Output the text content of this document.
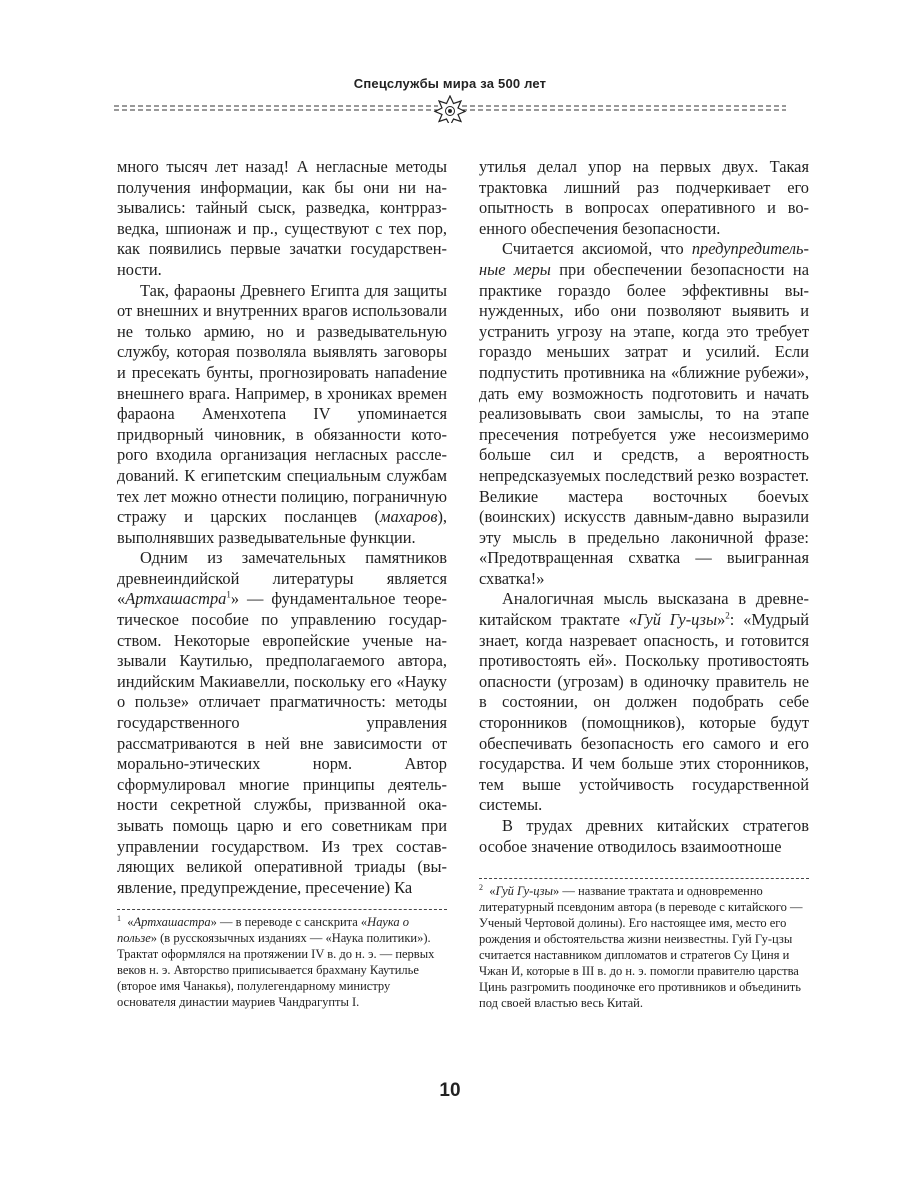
Спецслужбы мира за 500 лет

много тысяч лет назад! А негласные методы получения информации, как бы они ни назывались: тайный сыск, разведка, контрразведка, шпионаж и пр., существуют с тех пор, как появились первые зачатки государственности.

Так, фараоны Древнего Египта для защиты от внешних и внутренних врагов использовали не только армию, но и разведывательную службу, которая позволяла выявлять заговоры и пресекать бунты, прогнозировать напаdение внешнего врага. Например, в хрониках времен фараона Аменхотепа IV упоминается придворный чиновник, в обязанности которого входила организация негласных расследований. К египетским специальным службам тех лет можно отнести полицию, пограничную стражу и царских посланцев (махаров), выполнявших разведывательные функции.

Одним из замечательных памятников древнеиндийской литературы является «Артхашастра$^1$» — фундаментальное теоретическое пособие по управлению государством. Некоторые европейские ученые называли Каутилью, предполагаемого автора, индийским Макиавелли, поскольку его «Науку о пользе» отличает прагматичность: методы государственного управления рассматриваются в ней вне зависимости от морально-этических норм. Автор сформулировал многие принципы деятельности секретной службы, призванной оказывать помощь царю и его советникам при управлении государством. Из трех составляющих великой оперативной триады (выявление, предупреждение, пресечение) Ка

утилья делал упор на первых двух. Такая трактовка лишний раз подчеркивает его опытность в вопросах оперативного и военного обеспечения безопасности.

Считается аксиомой, что предупредительные меры при обеспечении безопасности на практике гораздо более эффективны вынужденных, ибо они позволяют выявить и устранить угрозу на этапе, когда это требует гораздо меньших затрат и усилий. Если подпустить противника на «ближние рубежи», дать ему возможность подготовить и начать реализовывать свои замыслы, то на этапе пресечения потребуется уже несоизмеримо больше сил и средств, а вероятность непредсказуемых последствий резко возрастет. Великие мастера восточных боеvых (воинских) искусств давным-давно выразили эту мысль в предельно лаконичной фразе: «Предотвращенная схватка — выигранная схватка!»

Аналогичная мысль высказана в древнекитайском трактате «Гуй Гу-цзы»$^2$: «Мудрый знает, когда назревает опасность, и готовится противостоять ей». Поскольку противостоять опасности (угрозам) в одиночку правитель не в состоянии, он должен подобрать себе сторонников (помощников), которые будут обеспечивать безопасность его самого и его государства. И чем больше этих сторонников, тем выше устойчивость государственной системы.

В трудах древних китайских стратегов особое значение отводилось взаимоотноше

$^1$ «Артхашастра» — в переводе с санскрита «Наука о пользе» (в русскоязычных изданиях — «Наука политики»). Трактат оформлялся на протяжении IV в. до н. э. — первых веков н. э. Авторство приписывается брахману Каутилье (второе имя Чанакья), полулегендарному министру основателя династии мауриев Чандрагупты I.

$^2$ «Гуй Гу-цзы» — название трактата и одновременно литературный псевдоним автора (в переводе с китайского — Ученый Чертовой долины). Его настоящее имя, место его рождения и обстоятельства жизни неизвестны. Гуй Гу-цзы считается наставником дипломатов и стратегов Су Циня и Чжан И, которые в III в. до н. э. помогли правителю царства Цинь разгромить поодиночке его противников и объединить под своей властью весь Китай.

10
